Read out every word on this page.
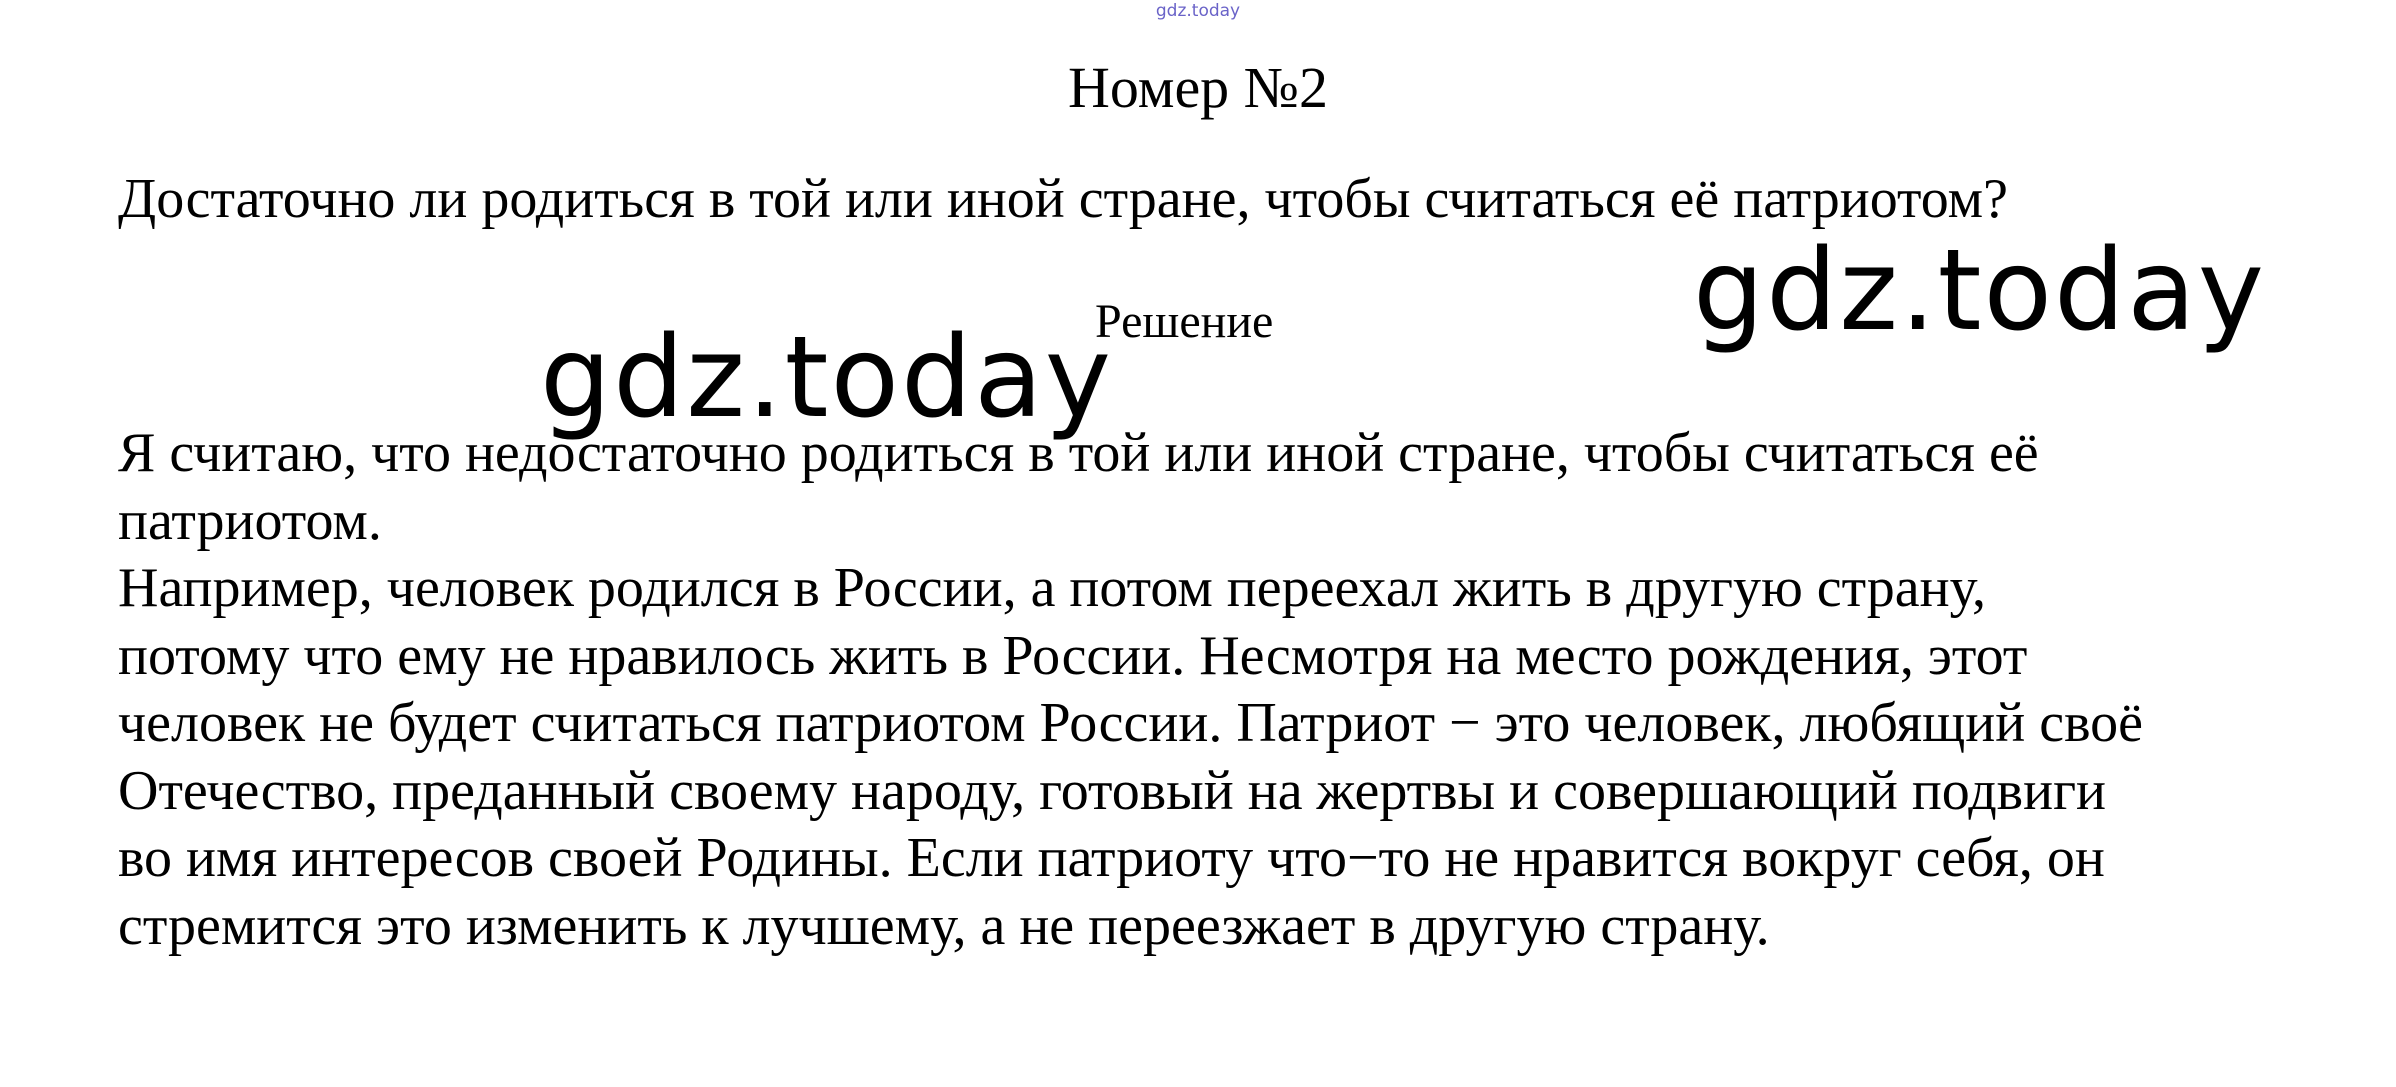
gdz.today
Номер №2
Достаточно ли родиться в той или иной стране, чтобы считаться её патриотом?
gdz.today
gdz.today
Решение
Я считаю, что недостаточно родиться в той или иной стране, чтобы считаться её
патриотом.
Например, человек родился в России, а потом переехал жить в другую страну,
потому что ему не нравилось жить в России. Несмотря на место рождения, этот
человек не будет считаться патриотом России. Патриот − это человек, любящий своё
Отечество, преданный своему народу, готовый на жертвы и совершающий подвиги
во имя интересов своей Родины. Если патриоту что−то не нравится вокруг себя, он
стремится это изменить к лучшему, а не переезжает в другую страну.
